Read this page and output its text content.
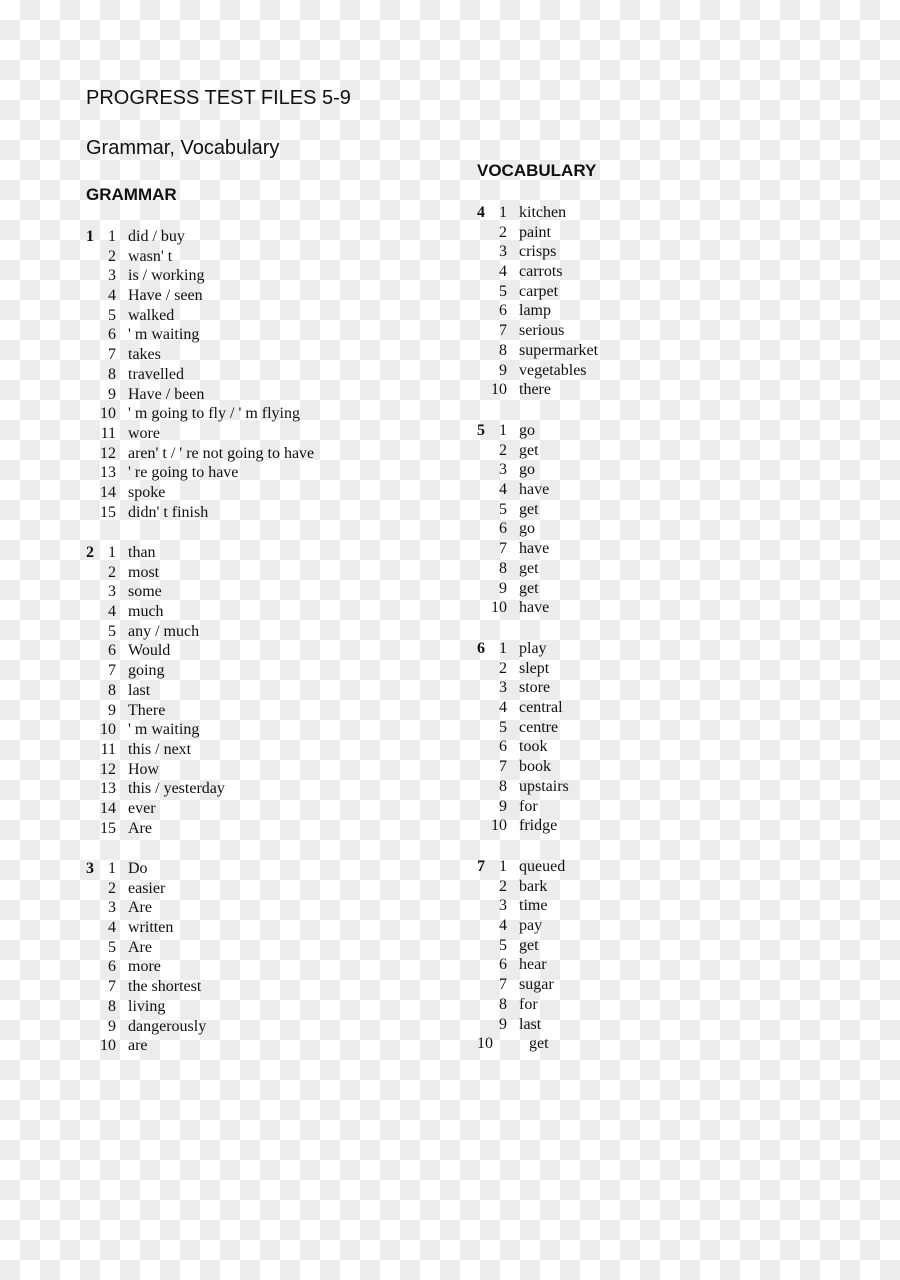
PROGRESS TEST FILES 5-9
Grammar, Vocabulary
GRAMMAR
VOCABULARY
1 1 did / buy
2 wasn' t
3 is / working
4 Have / seen
5 walked
6 ' m waiting
7 takes
8 travelled
9 Have / been
10 ' m going to fly / ' m flying
11 wore
12 aren' t / ' re not going to have
13 ' re going to have
14 spoke
15 didn' t finish
2 1 than
2 most
3 some
4 much
5 any / much
6 Would
7 going
8 last
9 There
10 ' m waiting
11 this / next
12 How
13 this / yesterday
14 ever
15 Are
3 1 Do
2 easier
3 Are
4 written
5 Are
6 more
7 the shortest
8 living
9 dangerously
10 are
4 1 kitchen
2 paint
3 crisps
4 carrots
5 carpet
6 lamp
7 serious
8 supermarket
9 vegetables
10 there
5 1 go
2 get
3 go
4 have
5 get
6 go
7 have
8 get
9 get
10 have
6 1 play
2 slept
3 store
4 central
5 centre
6 took
7 book
8 upstairs
9 for
10 fridge
7 1 queued
2 bark
3 time
4 pay
5 get
6 hear
7 sugar
8 for
9 last
10 get
